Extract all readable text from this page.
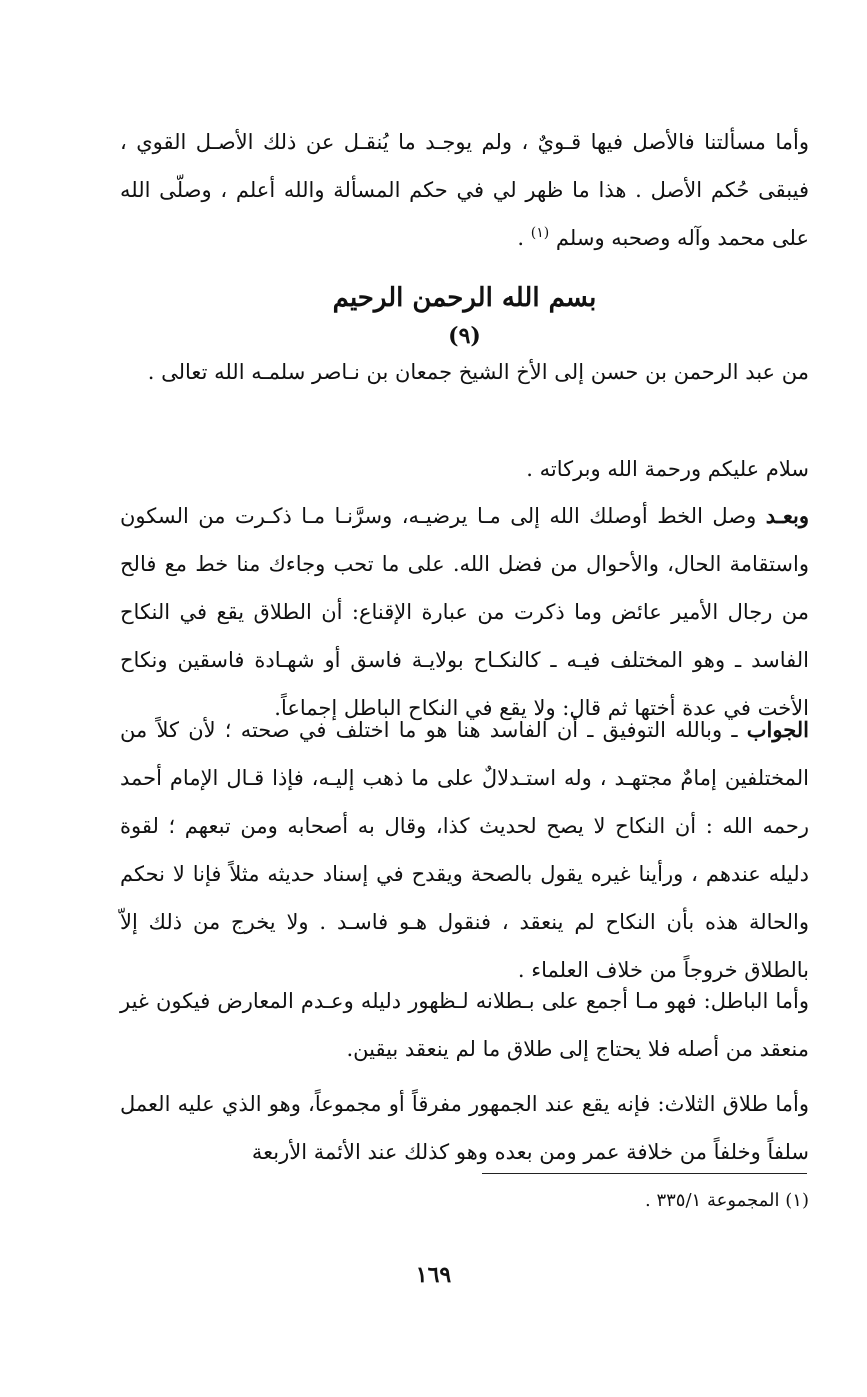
وأما مسألتنا فالأصل فيها قـويٌ ، ولم يوجـد ما يُنقـل عن ذلك الأصـل القوي ، فيبقى حُكم الأصل . هذا ما ظهر لي في حكم المسألة والله أعلم ، وصلّى الله على محمد وآله وصحبه وسلم $^{(١)}$ .
بسم الله الرحمن الرحيم
(٩)
من عبد الرحمن بن حسن إلى الأخ الشيخ جمعان بن نـاصر سلمـه الله تعالى .
سلام عليكم ورحمة الله وبركاته .
وبعـد وصل الخط أوصلك الله إلى مـا يرضيـه، وسرَّنـا مـا ذكـرت من السكون واستقامة الحال، والأحوال من فضل الله. على ما تحب وجاءك منا خط مع فالح من رجال الأمير عائض وما ذكرت من عبارة الإقناع: أن الطلاق يقع في النكاح الفاسد ـ وهو المختلف فيـه ـ كالنكـاح بولايـة فاسق أو شهـادة فاسقين ونكاح الأخت في عدة أختها ثم قال: ولا يقع في النكاح الباطل إجماعاً.
الجواب ـ وبالله التوفيق ـ أن الفاسد هنا هو ما اختلف في صحته ؛ لأن كلاً من المختلفين إمامٌ مجتهـد ، وله استـدلالٌ على ما ذهب إليـه، فإذا قـال الإمام أحمد رحمه الله : أن النكاح لا يصح لحديث كذا، وقال به أصحابه ومن تبعهم ؛ لقوة دليله عندهم ، ورأينا غيره يقول بالصحة ويقدح في إسناد حديثه مثلاً فإنا لا نحكم والحالة هذه بأن النكاح لم ينعقد ، فنقول هـو فاسـد . ولا يخرج من ذلك إلاّ بالطلاق خروجاً من خلاف العلماء .
وأما الباطل: فهو مـا أجمع على بـطلانه لـظهور دليله وعـدم المعارض فيكون غير منعقد من أصله فلا يحتاج إلى طلاق ما لم ينعقد بيقين.
وأما طلاق الثلاث: فإنه يقع عند الجمهور مفرقاً أو مجموعاً، وهو الذي عليه العمل سلفاً وخلفاً من خلافة عمر ومن بعده وهو كذلك عند الأئمة الأربعة
(١) المجموعة ٣٣٥/١ .
١٦٩
